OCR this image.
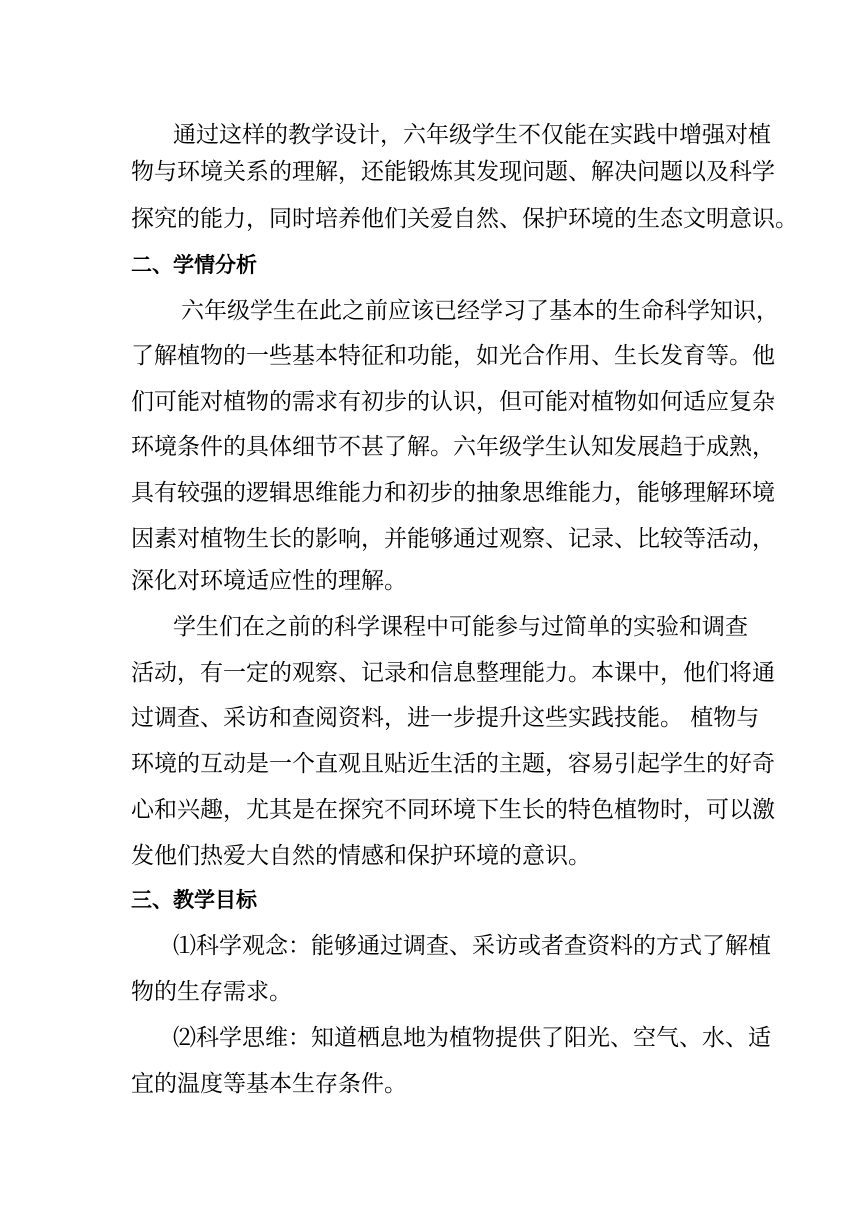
通过这样的教学设计，六年级学生不仅能在实践中增强对植
物与环境关系的理解，还能锻炼其发现问题、解决问题以及科学
探究的能力，同时培养他们关爱自然、保护环境的生态文明意识。
二、学情分析
六年级学生在此之前应该已经学习了基本的生命科学知识，
了解植物的一些基本特征和功能，如光合作用、生长发育等。他
们可能对植物的需求有初步的认识，但可能对植物如何适应复杂
环境条件的具体细节不甚了解。六年级学生认知发展趋于成熟，
具有较强的逻辑思维能力和初步的抽象思维能力，能够理解环境
因素对植物生长的影响，并能够通过观察、记录、比较等活动，
深化对环境适应性的理解。
学生们在之前的科学课程中可能参与过简单的实验和调查
活动，有一定的观察、记录和信息整理能力。本课中，他们将通
过调查、采访和查阅资料，进一步提升这些实践技能。 植物与
环境的互动是一个直观且贴近生活的主题，容易引起学生的好奇
心和兴趣，尤其是在探究不同环境下生长的特色植物时，可以激
发他们热爱大自然的情感和保护环境的意识。
三、教学目标
⑴科学观念：能够通过调查、采访或者查资料的方式了解植
物的生存需求。
⑵科学思维：知道栖息地为植物提供了阳光、空气、水、适
宜的温度等基本生存条件。
